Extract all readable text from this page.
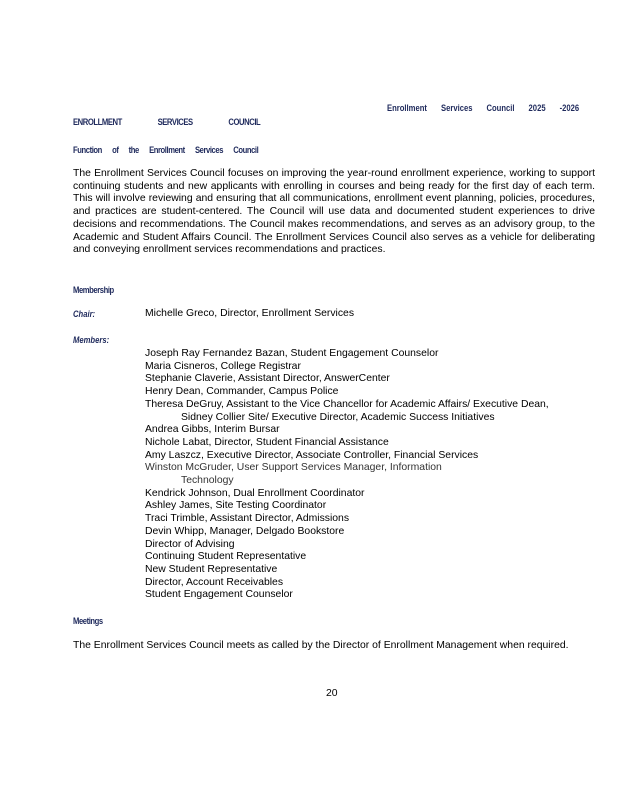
Enrollment Services Council 2025 -2026
ENROLLMENT SERVICES COUNCIL
Function of the Enrollment Services Council
The Enrollment Services Council focuses on improving the year-round enrollment experience, working to support continuing students and new applicants with enrolling in courses and being ready for the first day of each term. This will involve reviewing and ensuring that all communications, enrollment event planning, policies, procedures, and practices are student-centered. The Council will use data and documented student experiences to drive decisions and recommendations. The Council makes recommendations, and serves as an advisory group, to the Academic and Student Affairs Council. The Enrollment Services Council also serves as a vehicle for deliberating and conveying enrollment services recommendations and practices.
Membership
Chair:	Michelle Greco, Director, Enrollment Services
Members:
Joseph Ray Fernandez Bazan, Student Engagement Counselor
Maria Cisneros, College Registrar
Stephanie Claverie, Assistant Director, AnswerCenter
Henry Dean, Commander, Campus Police
Theresa DeGruy, Assistant to the Vice Chancellor for Academic Affairs/ Executive Dean,
Sidney Collier Site/ Executive Director, Academic Success Initiatives
Andrea Gibbs, Interim Bursar
Nichole Labat, Director, Student Financial Assistance
Amy Laszcz, Executive Director, Associate Controller, Financial Services
Winston McGruder, User Support Services Manager, Information
Technology
Kendrick Johnson, Dual Enrollment Coordinator
Ashley James, Site Testing Coordinator
Traci Trimble, Assistant Director, Admissions
Devin Whipp, Manager, Delgado Bookstore
Director of Advising
Continuing Student Representative
New Student Representative
Director, Account Receivables
Student Engagement Counselor
Meetings
The Enrollment Services Council meets as called by the Director of Enrollment Management when required.
20
